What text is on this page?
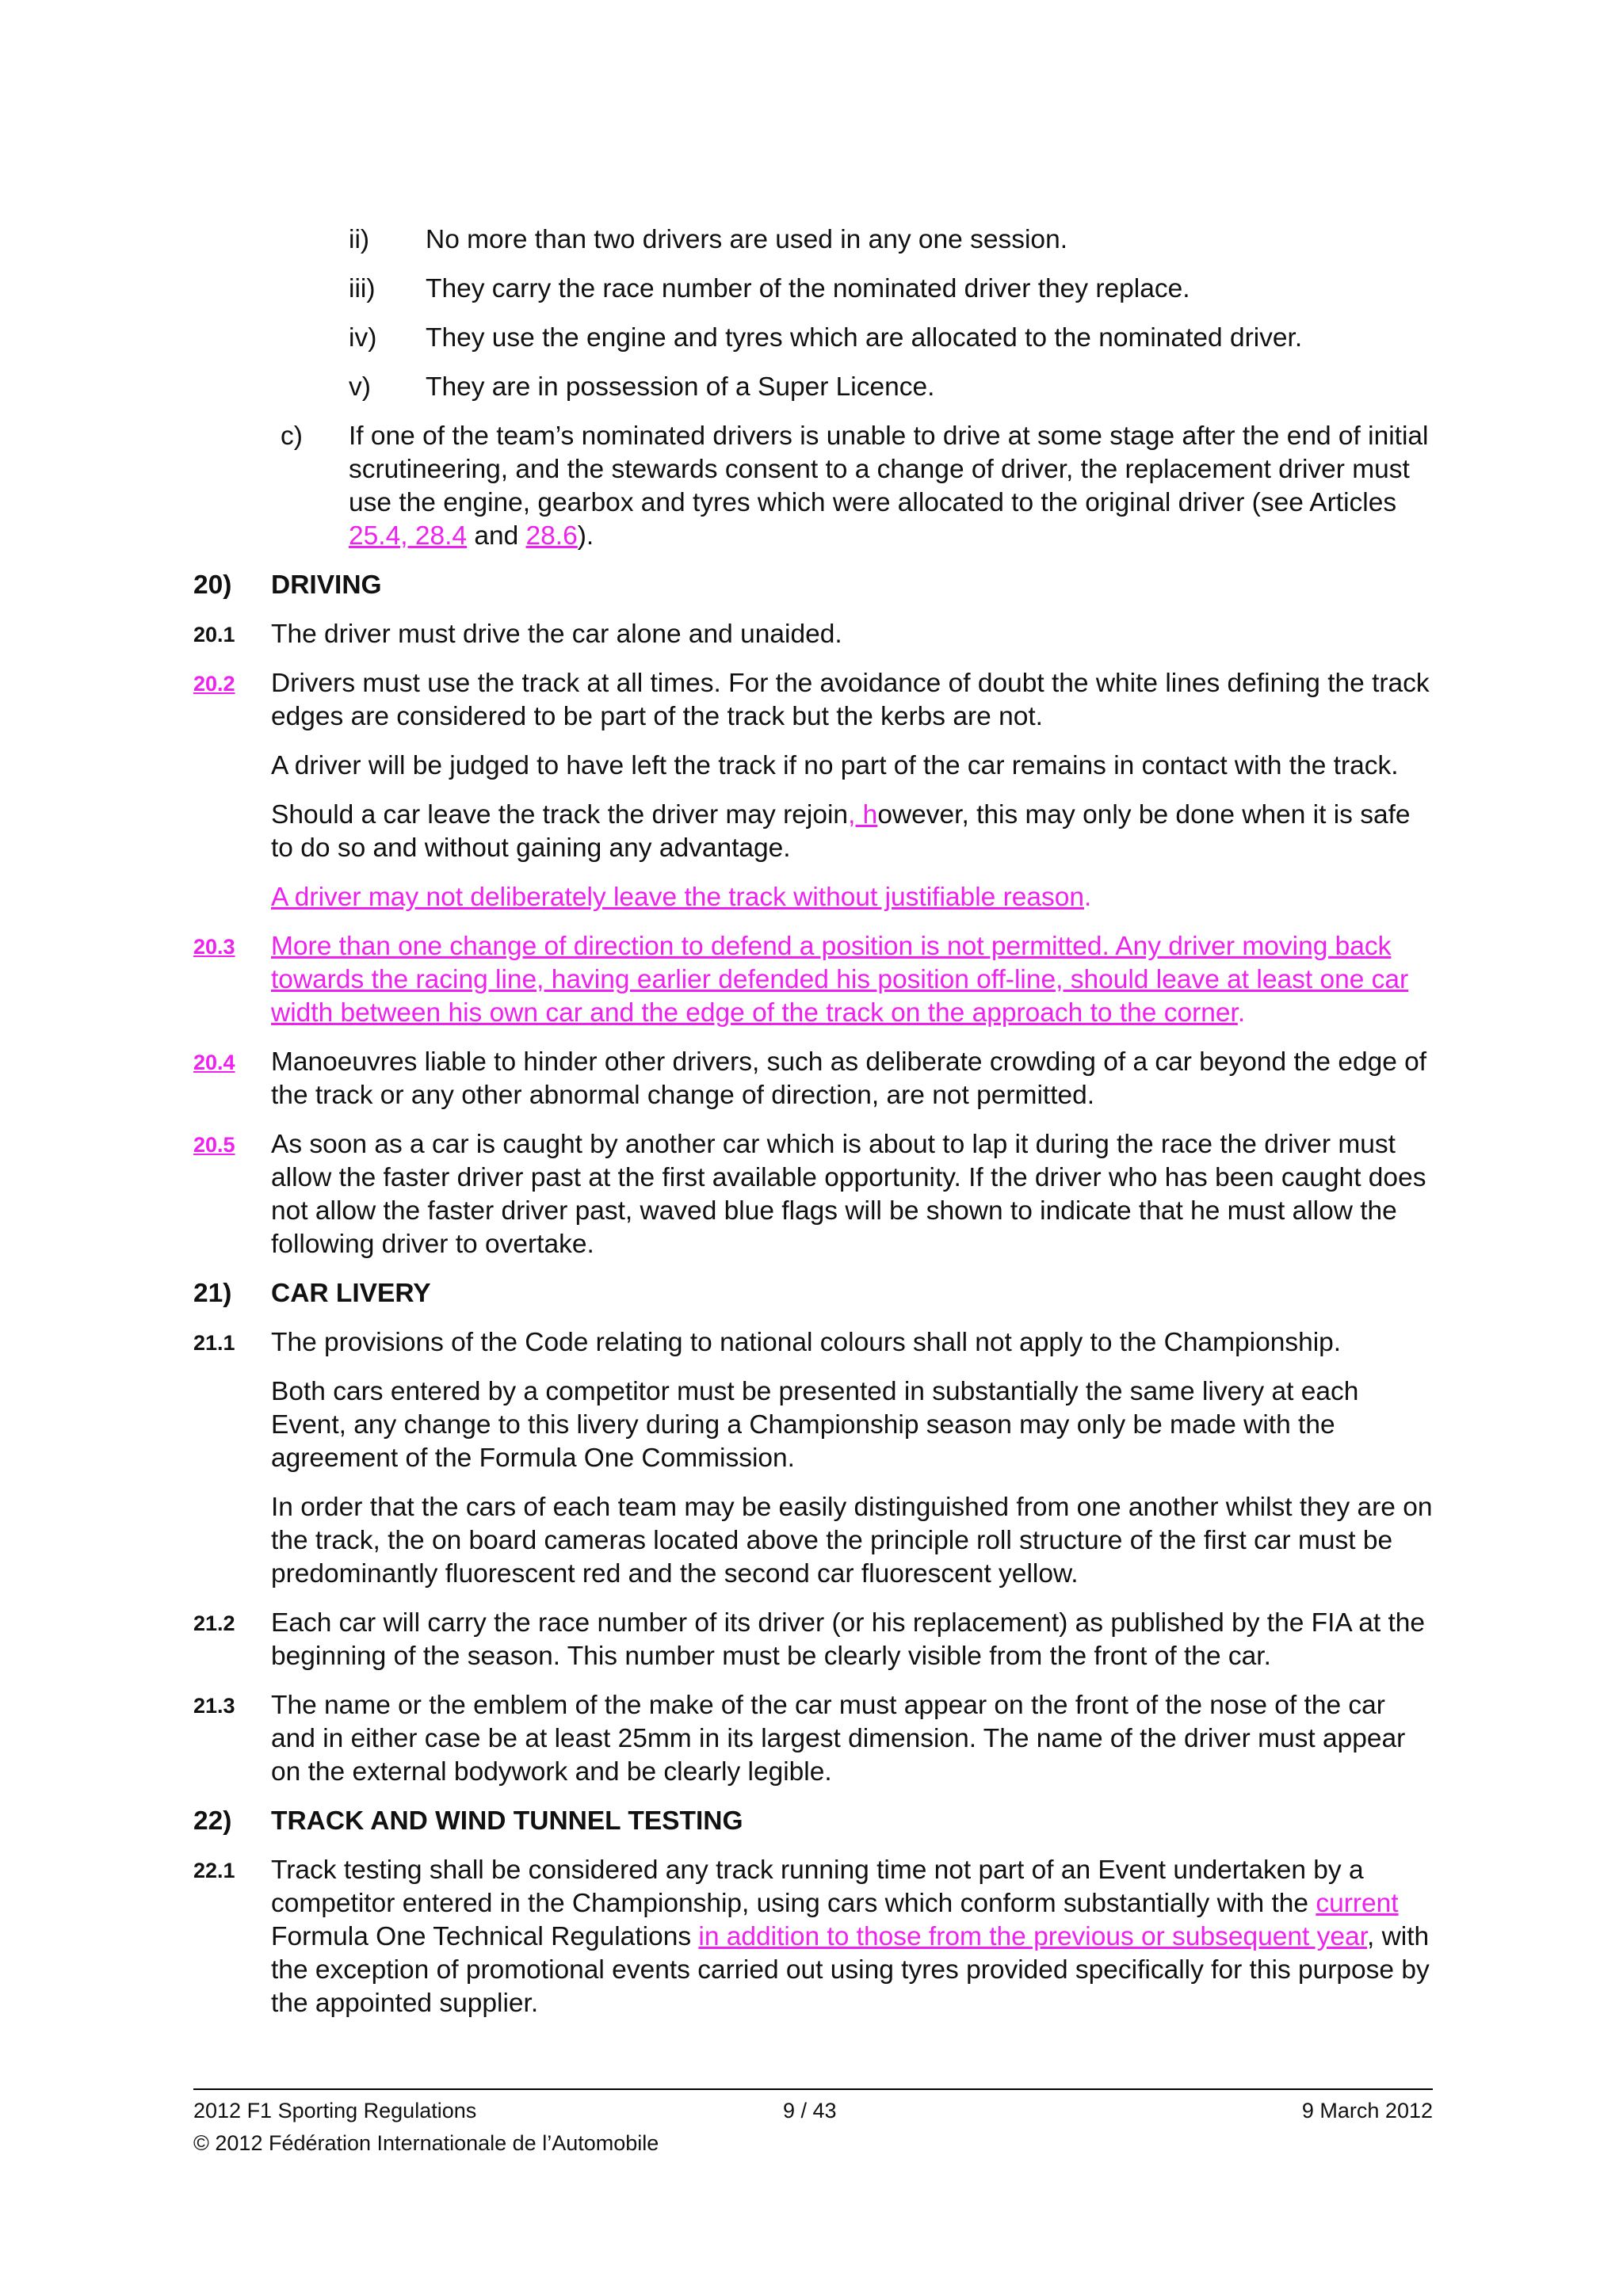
ii) No more than two drivers are used in any one session.
iii) They carry the race number of the nominated driver they replace.
iv) They use the engine and tyres which are allocated to the nominated driver.
v) They are in possession of a Super Licence.
c) If one of the team’s nominated drivers is unable to drive at some stage after the end of initial scrutineering, and the stewards consent to a change of driver, the replacement driver must use the engine, gearbox and tyres which were allocated to the original driver (see Articles 25.4, 28.4 and 28.6).
20) DRIVING
20.1 The driver must drive the car alone and unaided.
20.2 Drivers must use the track at all times. For the avoidance of doubt the white lines defining the track edges are considered to be part of the track but the kerbs are not.
A driver will be judged to have left the track if no part of the car remains in contact with the track.
Should a car leave the track the driver may rejoin, however, this may only be done when it is safe to do so and without gaining any advantage.
A driver may not deliberately leave the track without justifiable reason.
20.3 More than one change of direction to defend a position is not permitted. Any driver moving back towards the racing line, having earlier defended his position off-line, should leave at least one car width between his own car and the edge of the track on the approach to the corner.
20.4 Manoeuvres liable to hinder other drivers, such as deliberate crowding of a car beyond the edge of the track or any other abnormal change of direction, are not permitted.
20.5 As soon as a car is caught by another car which is about to lap it during the race the driver must allow the faster driver past at the first available opportunity. If the driver who has been caught does not allow the faster driver past, waved blue flags will be shown to indicate that he must allow the following driver to overtake.
21) CAR LIVERY
21.1 The provisions of the Code relating to national colours shall not apply to the Championship.
Both cars entered by a competitor must be presented in substantially the same livery at each Event, any change to this livery during a Championship season may only be made with the agreement of the Formula One Commission.
In order that the cars of each team may be easily distinguished from one another whilst they are on the track, the on board cameras located above the principle roll structure of the first car must be predominantly fluorescent red and the second car fluorescent yellow.
21.2 Each car will carry the race number of its driver (or his replacement) as published by the FIA at the beginning of the season. This number must be clearly visible from the front of the car.
21.3 The name or the emblem of the make of the car must appear on the front of the nose of the car and in either case be at least 25mm in its largest dimension. The name of the driver must appear on the external bodywork and be clearly legible.
22) TRACK AND WIND TUNNEL TESTING
22.1 Track testing shall be considered any track running time not part of an Event undertaken by a competitor entered in the Championship, using cars which conform substantially with the current Formula One Technical Regulations in addition to those from the previous or subsequent year, with the exception of promotional events carried out using tyres provided specifically for this purpose by the appointed supplier.
2012 F1 Sporting Regulations	9 / 43	9 March 2012
© 2012 Fédération Internationale de l’Automobile
